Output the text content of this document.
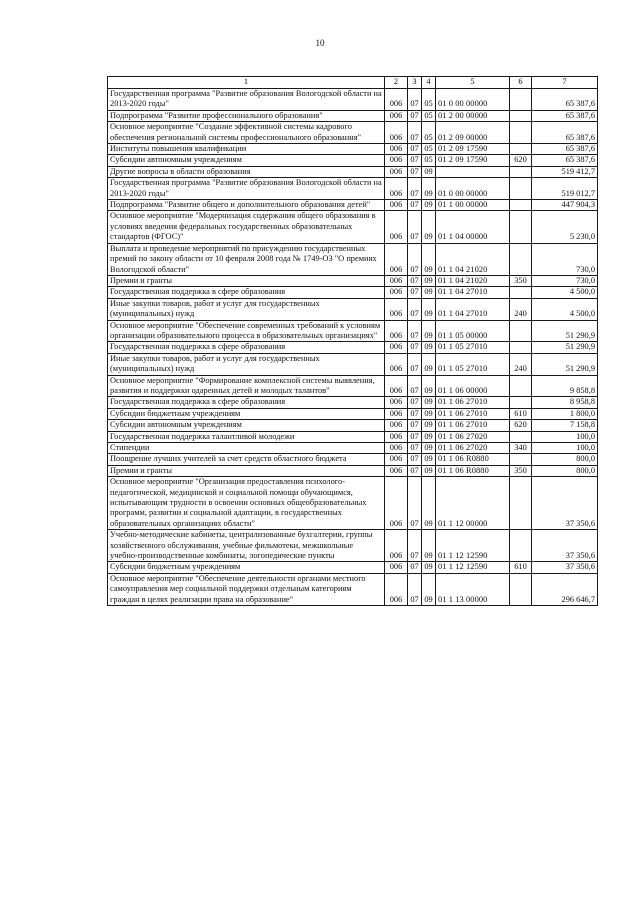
10
1	2	3	4	5	6	7
Государственная программа "Развитие образования Вологодской области на 2013-2020 годы"	006	07	05	01 0 00 00000		65 387,6
Подпрограмма "Развитие профессионального образования"	006	07	05	01 2 00 00000		65 387,6
Основное мероприятие "Создание эффективной системы кадрового обеспечения региональной системы профессионального образования"	006	07	05	01 2 09 00000		65 387,6
Институты повышения квалификации	006	07	05	01 2 09 17590		65 387,6
Субсидии автономным учреждениям	006	07	05	01 2 09 17590	620	65 387,6
Другие вопросы в области образования	006	07	09			519 412,7
Государственная программа "Развитие образования Вологодской области на 2013-2020 годы"	006	07	09	01 0 00 00000		519 012,7
Подпрограмма "Развитие общего и дополнительного образования детей"	006	07	09	01 1 00 00000		447 904,3
Основное мероприятие "Модернизация содержания общего образования в условиях введения федеральных государственных образовательных стандартов (ФГОС)"	006	07	09	01 1 04 00000		5 230,0
Выплата и проведение мероприятий по присуждению государственных премий по закону области от 10 февраля 2008 года № 1749-ОЗ "О премиях Вологодской области"	006	07	09	01 1 04 21020		730,0
Премии и гранты	006	07	09	01 1 04 21020	350	730,0
Государственная поддержка в сфере образования	006	07	09	01 1 04 27010		4 500,0
Иные закупки товаров, работ и услуг для государственных (муниципальных) нужд	006	07	09	01 1 04 27010	240	4 500,0
Основное мероприятие "Обеспечение современных требований к условиям организации образовательного процесса в образовательных организациях"	006	07	09	01 1 05 00000		51 290,9
Государственная поддержка в сфере образования	006	07	09	01 1 05 27010		51 290,9
Иные закупки товаров, работ и услуг для государственных (муниципальных) нужд	006	07	09	01 1 05 27010	240	51 290,9
Основное мероприятие "Формирование комплексной системы выявления, развития и поддержки одаренных детей и молодых талантов"	006	07	09	01 1 06 00000		9 858,8
Государственная поддержка в сфере образования	006	07	09	01 1 06 27010		8 958,8
Субсидии бюджетным учреждениям	006	07	09	01 1 06 27010	610	1 800,0
Субсидии автономным учреждениям	006	07	09	01 1 06 27010	620	7 158,8
Государственная поддержка талантливой молодежи	006	07	09	01 1 06 27020		100,0
Стипендии	006	07	09	01 1 06 27020	340	100,0
Поощрение лучших учителей за счет средств областного бюджета	006	07	09	01 1 06 R0880		800,0
Премии и гранты	006	07	09	01 1 06 R0880	350	800,0
Основное мероприятие "Организация предоставления психолого-педагогической, медицинской и социальной помощи обучающимся, испытывающим трудности в освоении основных общеобразовательных программ, развитии и социальной адаптации, в государственных образовательных организациях области"	006	07	09	01 1 12 00000		37 350,6
Учебно-методические кабинеты, централизованные бухгалтерии, группы хозяйственного обслуживания, учебные фильмотеки, межшкольные учебно-производственные комбинаты, логопедические пункты	006	07	09	01 1 12 12590		37 350,6
Субсидии бюджетным учреждениям	006	07	09	01 1 12 12590	610	37 350,6
Основное мероприятие "Обеспечение деятельности органами местного самоуправления мер социальной поддержки отдельным категориям граждан в целях реализации права на образование"	006	07	09	01 1 13 00000		296 646,7
